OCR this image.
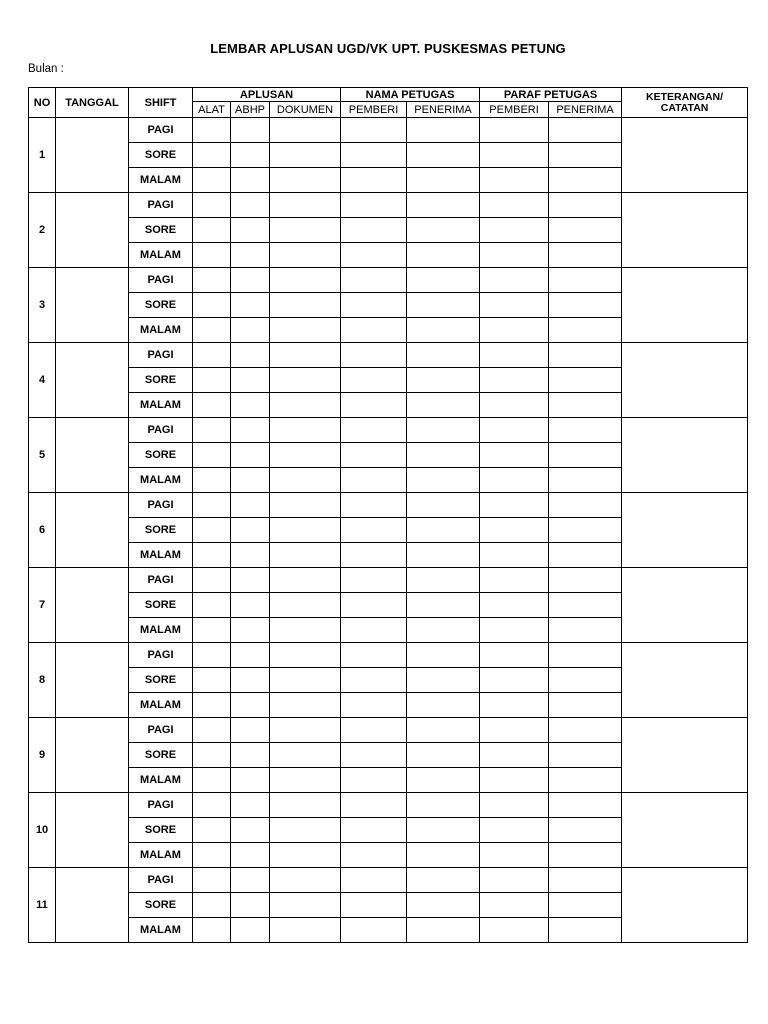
LEMBAR APLUSAN UGD/VK UPT. PUSKESMAS PETUNG
Bulan :
NO	TANGGAL	SHIFT	APLUSAN			NAMA PETUGAS		PARAF PETUGAS		KETERANGAN/ CATATAN
			ALAT	ABHP	DOKUMEN	PEMBERI	PENERIMA	PEMBERI	PENERIMA	
1		PAGI								
		SORE								
		MALAM								
2		PAGI								
		SORE								
		MALAM								
3		PAGI								
		SORE								
		MALAM								
4		PAGI								
		SORE								
		MALAM								
5		PAGI								
		SORE								
		MALAM								
6		PAGI								
		SORE								
		MALAM								
7		PAGI								
		SORE								
		MALAM								
8		PAGI								
		SORE								
		MALAM								
9		PAGI								
		SORE								
		MALAM								
10		PAGI								
		SORE								
		MALAM								
11		PAGI								
		SORE								
		MALAM								
